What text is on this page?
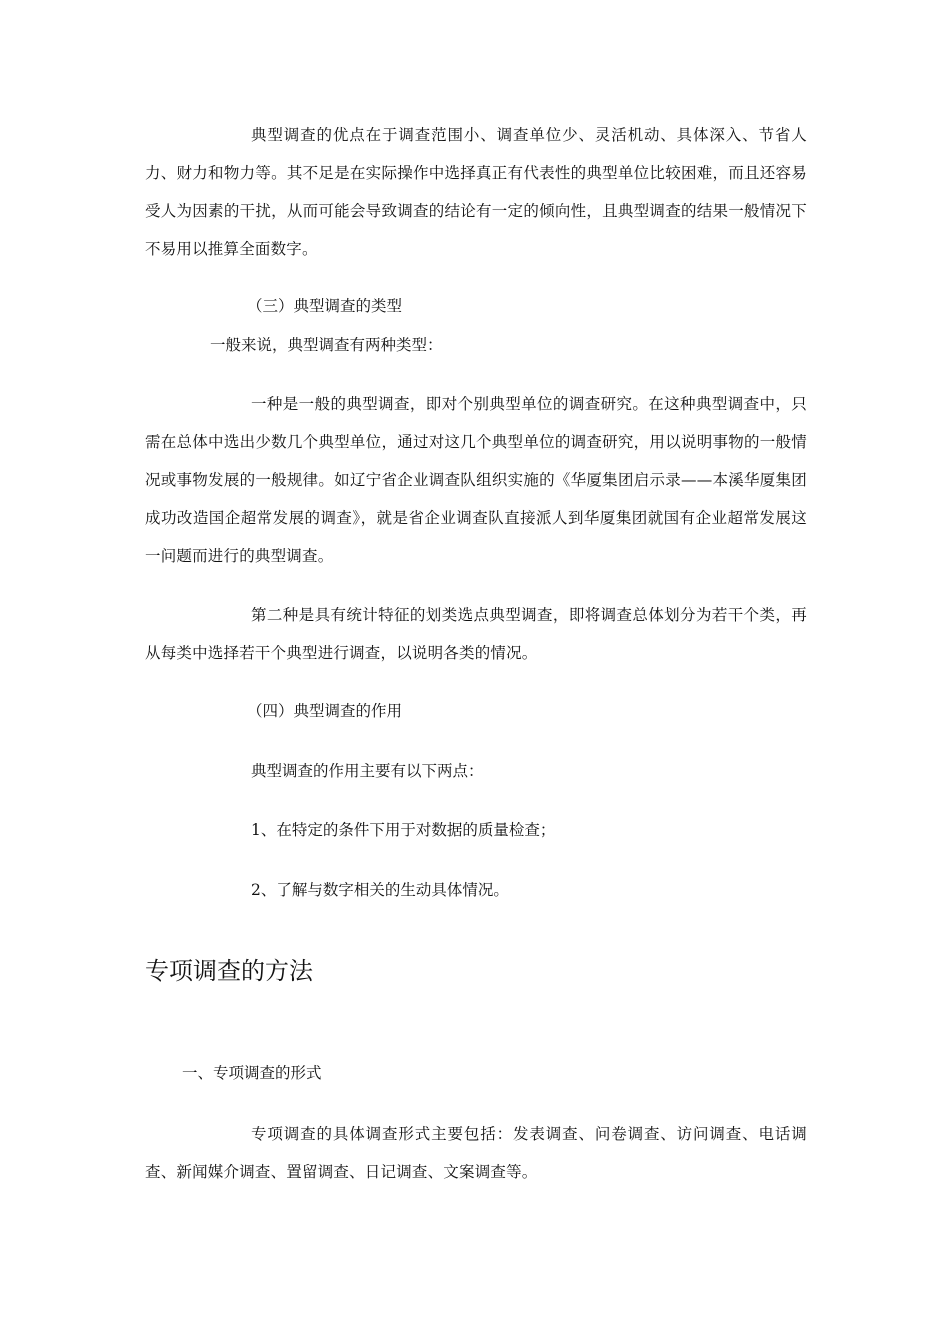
典型调查的优点在于调查范围小、调查单位少、灵活机动、具体深入、节省人力、财力和物力等。其不足是在实际操作中选择真正有代表性的典型单位比较困难，而且还容易受人为因素的干扰，从而可能会导致调查的结论有一定的倾向性，且典型调查的结果一般情况下不易用以推算全面数字。

（三）典型调查的类型

一般来说，典型调查有两种类型：

一种是一般的典型调查，即对个别典型单位的调查研究。在这种典型调查中，只需在总体中选出少数几个典型单位，通过对这几个典型单位的调查研究，用以说明事物的一般情况或事物发展的一般规律。如辽宁省企业调查队组织实施的《华厦集团启示录——本溪华厦集团成功改造国企超常发展的调查》，就是省企业调查队直接派人到华厦集团就国有企业超常发展这一问题而进行的典型调查。

第二种是具有统计特征的划类选点典型调查，即将调查总体划分为若干个类，再从每类中选择若干个典型进行调查，以说明各类的情况。

（四）典型调查的作用

典型调查的作用主要有以下两点：

1、在特定的条件下用于对数据的质量检查；

2、了解与数字相关的生动具体情况。

专项调查的方法

一、专项调查的形式

专项调查的具体调查形式主要包括：发表调查、问卷调查、访问调查、电话调查、新闻媒介调查、置留调查、日记调查、文案调查等。
